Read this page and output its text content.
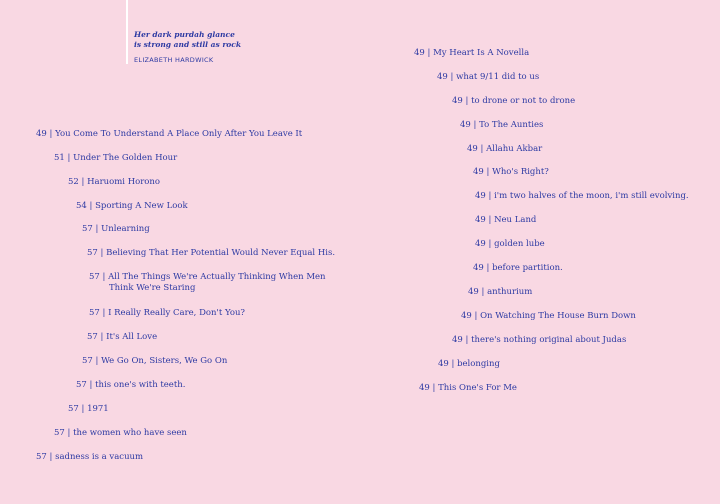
Her dark purdah glance
is strong and still as rock
ELIZABETH HARDWICK
49 | You Come To Understand A Place Only After You Leave It
51 | Under The Golden Hour
52 | Haruomi Horono
54 | Sporting A New Look
57 | Unlearning
57 | Believing That Her Potential Would Never Equal His.
57 | All The Things We're Actually Thinking When Men
Think We're Staring
57 | I Really Really Care, Don't You?
57 | It's All Love
57 | We Go On, Sisters, We Go On
57 | this one's with teeth.
57 | 1971
57 | the women who have seen
57 | sadness is a vacuum
49 | My Heart Is A Novella
49 | what 9/11 did to us
49 | to drone or not to drone
49 | To The Aunties
49 | Allahu Akbar
49 | Who's Right?
49 | i'm two halves of the moon, i'm still evolving.
49 | Neu Land
49 | golden lube
49 | before partition.
49 | anthurium
49 | On Watching The House Burn Down
49 | there's nothing original about Judas
49 | belonging
49 | This One's For Me
